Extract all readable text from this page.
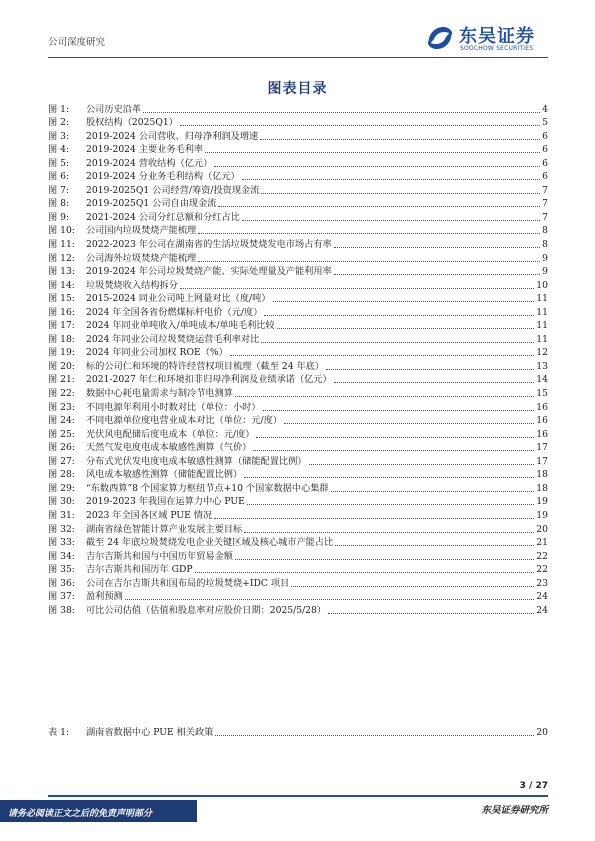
公司深度研究	东吴证券
SOOCHOW SECURITIES
图表目录
图 1:	公司历史沿革	4
图 2:	股权结构（2025Q1）	5
图 3:	2019-2024 公司营收、归母净利润及增速	6
图 4:	2019-2024 主要业务毛利率	6
图 5:	2019-2024 营收结构（亿元）	6
图 6:	2019-2024 分业务毛利结构（亿元）	6
图 7:	2019-2025Q1 公司经营/筹资/投资现金流	7
图 8:	2019-2025Q1 公司自由现金流	7
图 9:	2021-2024 公司分红总额和分红占比	7
图 10:	公司国内垃圾焚烧产能梳理	8
图 11:	2022-2023 年公司在湖南省的生活垃圾焚烧发电市场占有率	8
图 12:	公司海外垃圾焚烧产能梳理	9
图 13:	2019-2024 年公司垃圾焚烧产能、实际处理量及产能利用率	9
图 14:	垃圾焚烧收入结构拆分	10
图 15:	2015-2024 同业公司吨上网量对比（度/吨）	11
图 16:	2024 年全国各省份燃煤标杆电价（元/度）	11
图 17:	2024 年同业单吨收入/单吨成本/单吨毛利比较	11
图 18:	2024 年同业公司垃圾焚烧运营毛利率对比	11
图 19:	2024 年同业公司加权 ROE（%）	12
图 20:	标的公司仁和环境的特许经营权项目梳理（截至 24 年底）	13
图 21:	2021-2027 年仁和环境扣非归母净利润及业绩承诺（亿元）	14
图 22:	数据中心耗电量需求与制冷节电测算	15
图 23:	不同电源年利用小时数对比（单位：小时）	16
图 24:	不同电源单位度电营业成本对比（单位：元/度）	16
图 25:	光伏风电配储后度电成本（单位：元/度）	16
图 26:	天然气发电度电成本敏感性测算（气价）	17
图 27:	分布式光伏发电度电成本敏感性测算（储能配置比例）	17
图 28:	风电成本敏感性测算（储能配置比例）	18
图 29:	“东数西算”8 个国家算力枢纽节点+10 个国家数据中心集群	18
图 30:	2019-2023 年我国在运算力中心 PUE	19
图 31:	2023 年全国各区域 PUE 情况	19
图 32:	湖南省绿色智能计算产业发展主要目标	20
图 33:	截至 24 年底垃圾焚烧发电企业关键区域及核心城市产能占比	21
图 34:	吉尔吉斯共和国与中国历年贸易金额	22
图 35:	吉尔吉斯共和国历年 GDP	22
图 36:	公司在吉尔吉斯共和国布局的垃圾焚烧+IDC 项目	23
图 37:	盈利预测	24
图 38:	可比公司估值（估值和股息率对应股价日期：2025/5/28）	24
表 1:	湖南省数据中心 PUE 相关政策	20
3 / 27
请务必阅读正文之后的免责声明部分	东吴证券研究所
